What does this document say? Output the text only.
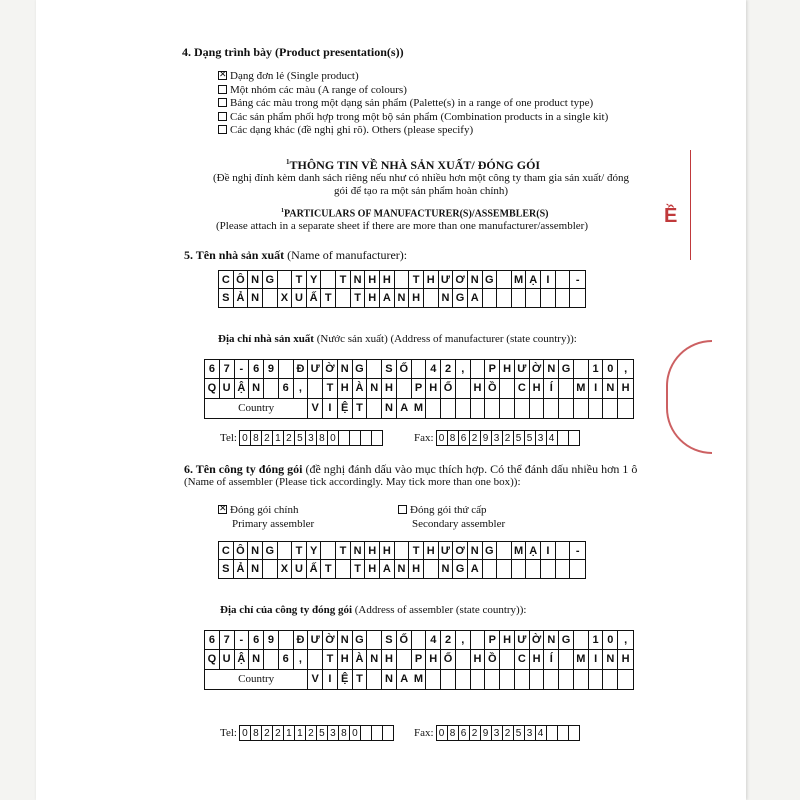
4. Dạng trình bày (Product presentation(s))
✕Dạng đơn lẻ (Single product)
Một nhóm các màu (A range of colours)
Bảng các màu trong một dạng sản phẩm (Palette(s) in a range of one product type)
Các sản phẩm phối hợp trong một bộ sản phẩm (Combination products in a single kit)
Các dạng khác (đề nghị ghi rõ). Others (please specify)
$^1$THÔNG TIN VỀ NHÀ SẢN XUẤT/ ĐÓNG GÓI
(Đề nghị đính kèm danh sách riêng nếu như có nhiều hơn một công ty tham gia sản xuất/ đóng
gói để tạo ra một sản phẩm hoàn chỉnh)
$^1$PARTICULARS OF MANUFACTURER(S)/ASSEMBLER(S)
(Please attach in a separate sheet if there are more than one manufacturer/assembler)
5. Tên nhà sản xuất (Name of manufacturer):
C Ô N G	T Y	T N H H	T H Ư Ơ N G	M Ạ I	-
S Ả N	X U Ấ T	T H A N H	N G A
Địa chỉ nhà sản xuất (Nước sản xuất) (Address of manufacturer (state country)):
6 7 - 6 9	Đ Ư Ờ N G	S Ố	4 2 ,	P H Ư Ờ N G	1 0 ,
Q U Ậ N	6 ,	T H À N H	P H Ố	H Ồ	C H Í	M I N H
Country	V I Ệ T	N A M
Tel: 0 8 2 1 2 5 3 8 0	Fax: 0 8 6 2 9 3 2 5 5 3 4
6. Tên công ty đóng gói (đề nghị đánh dấu vào mục thích hợp. Có thể đánh dấu nhiều hơn 1 ô
(Name of assembler (Please tick accordingly. May tick more than one box)):
✕Đóng gói chính
Primary assembler
Đóng gói thứ cấp
Secondary assembler
C Ô N G	T Y	T N H H	T H Ư Ơ N G	M Ạ I	-
S Ả N	X U Ấ T	T H A N H	N G A
Địa chỉ của công ty đóng gói (Address of assembler (state country)):
6 7 - 6 9	Đ Ư Ờ N G	S Ố	4 2 ,	P H Ư Ờ N G	1 0 ,
Q U Ậ N	6 ,	T H À N H	P H Ố	H Ồ	C H Í	M I N H
Country	V I Ệ T	N A M
Tel: 0 8 2 2 1 1 2 5 3 8 0	Fax: 0 8 6 2 9 3 2 5 3 4
Ề
